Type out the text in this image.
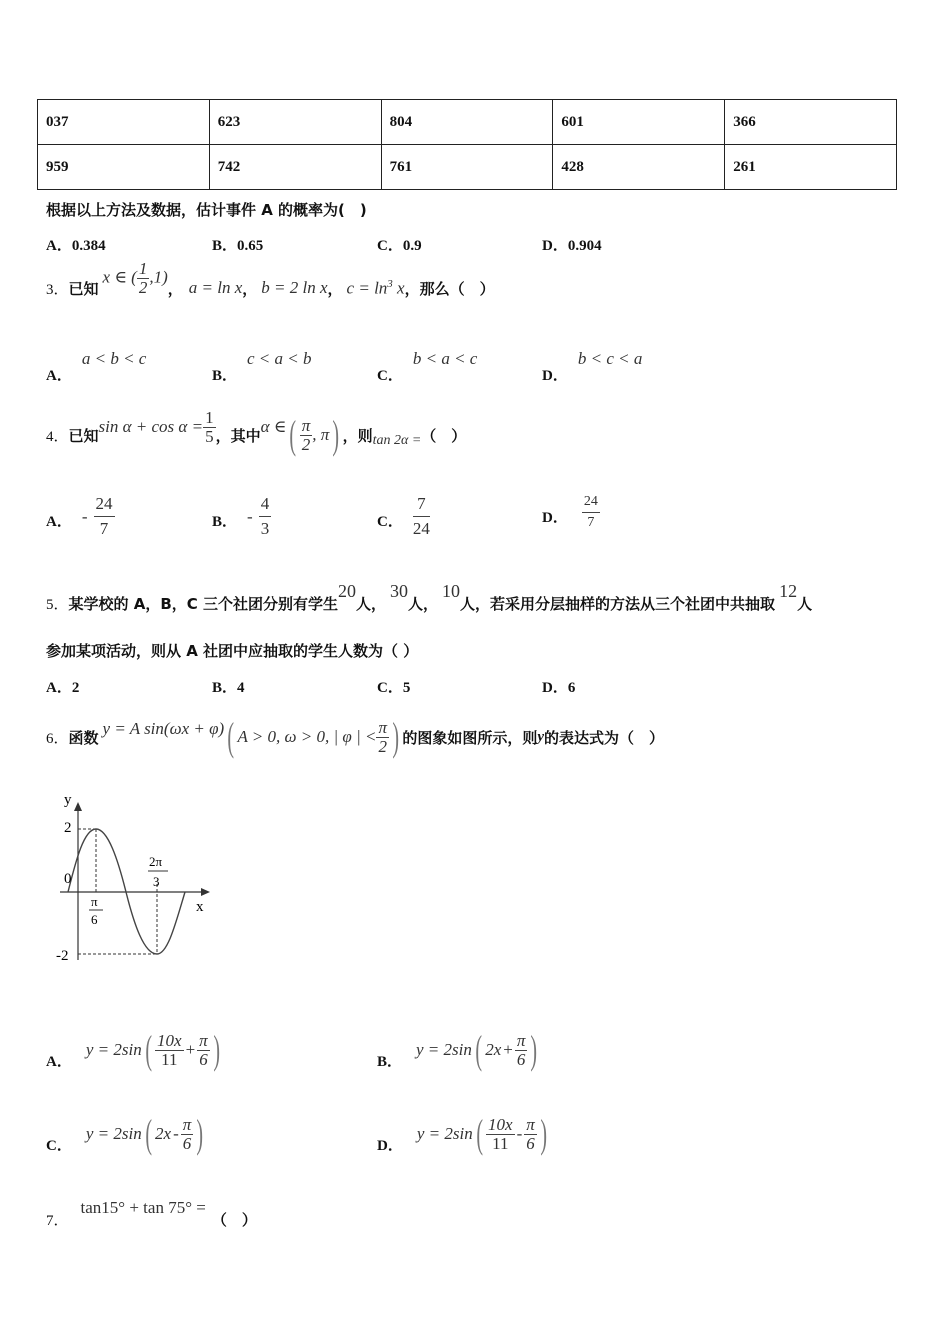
037	623	804	601	366
959	742	761	428	261
根据以上方法及数据，估计事件 A 的概率为(　)
A．0.384	B．0.65	C．0.9	D．0.904
3． 已知
x ∈ ( $\frac{1}{2} ,1$)
， a = ln x ， b = 2 ln x ， $c = \ln^3 x$ ，那么（　）
A．a < b < c
B．c < a < b
C．b < a < c
D．b < c < a
4． 已知 $\sin \alpha + \cos \alpha = \frac{1}{5}$ ，其中 α ∈ ( $\frac{\pi}{2}$ , π ) ，则 tan 2α = （　）
A． - $\frac{24}{7}$	B． - $\frac{4}{3}$	C． $\frac{7}{24}$	D． $\frac{24}{7}$
5． 某学校的 A，B，C 三个社团分别有学生
20
人，
30
人，
10
人，若采用分层抽样的方法从三个社团中共抽取
12
人
参加某项活动，则从 A 社团中应抽取的学生人数为（ ）
A．2	B．4	C．5	D．6
6． 函数 y = A sin(ωx + φ) ( A > 0, ω > 0, | φ | < $\frac{\pi}{2}$ ) 的图象如图所示，则 y 的表达式为（　）
y
x
2
0
-2
π
6
2π
3
A．
y = 2sin ( $\frac{10x}{11} + \frac{\pi}{6}$ )	B．
y = 2sin ( $2x + \frac{\pi}{6}$ )
C．
y = 2sin ( $2x - \frac{\pi}{6}$ )	D．
y = 2sin ( $\frac{10x}{11} - \frac{\pi}{6}$ )
7．
tan15° + tan 75° =
（　）
